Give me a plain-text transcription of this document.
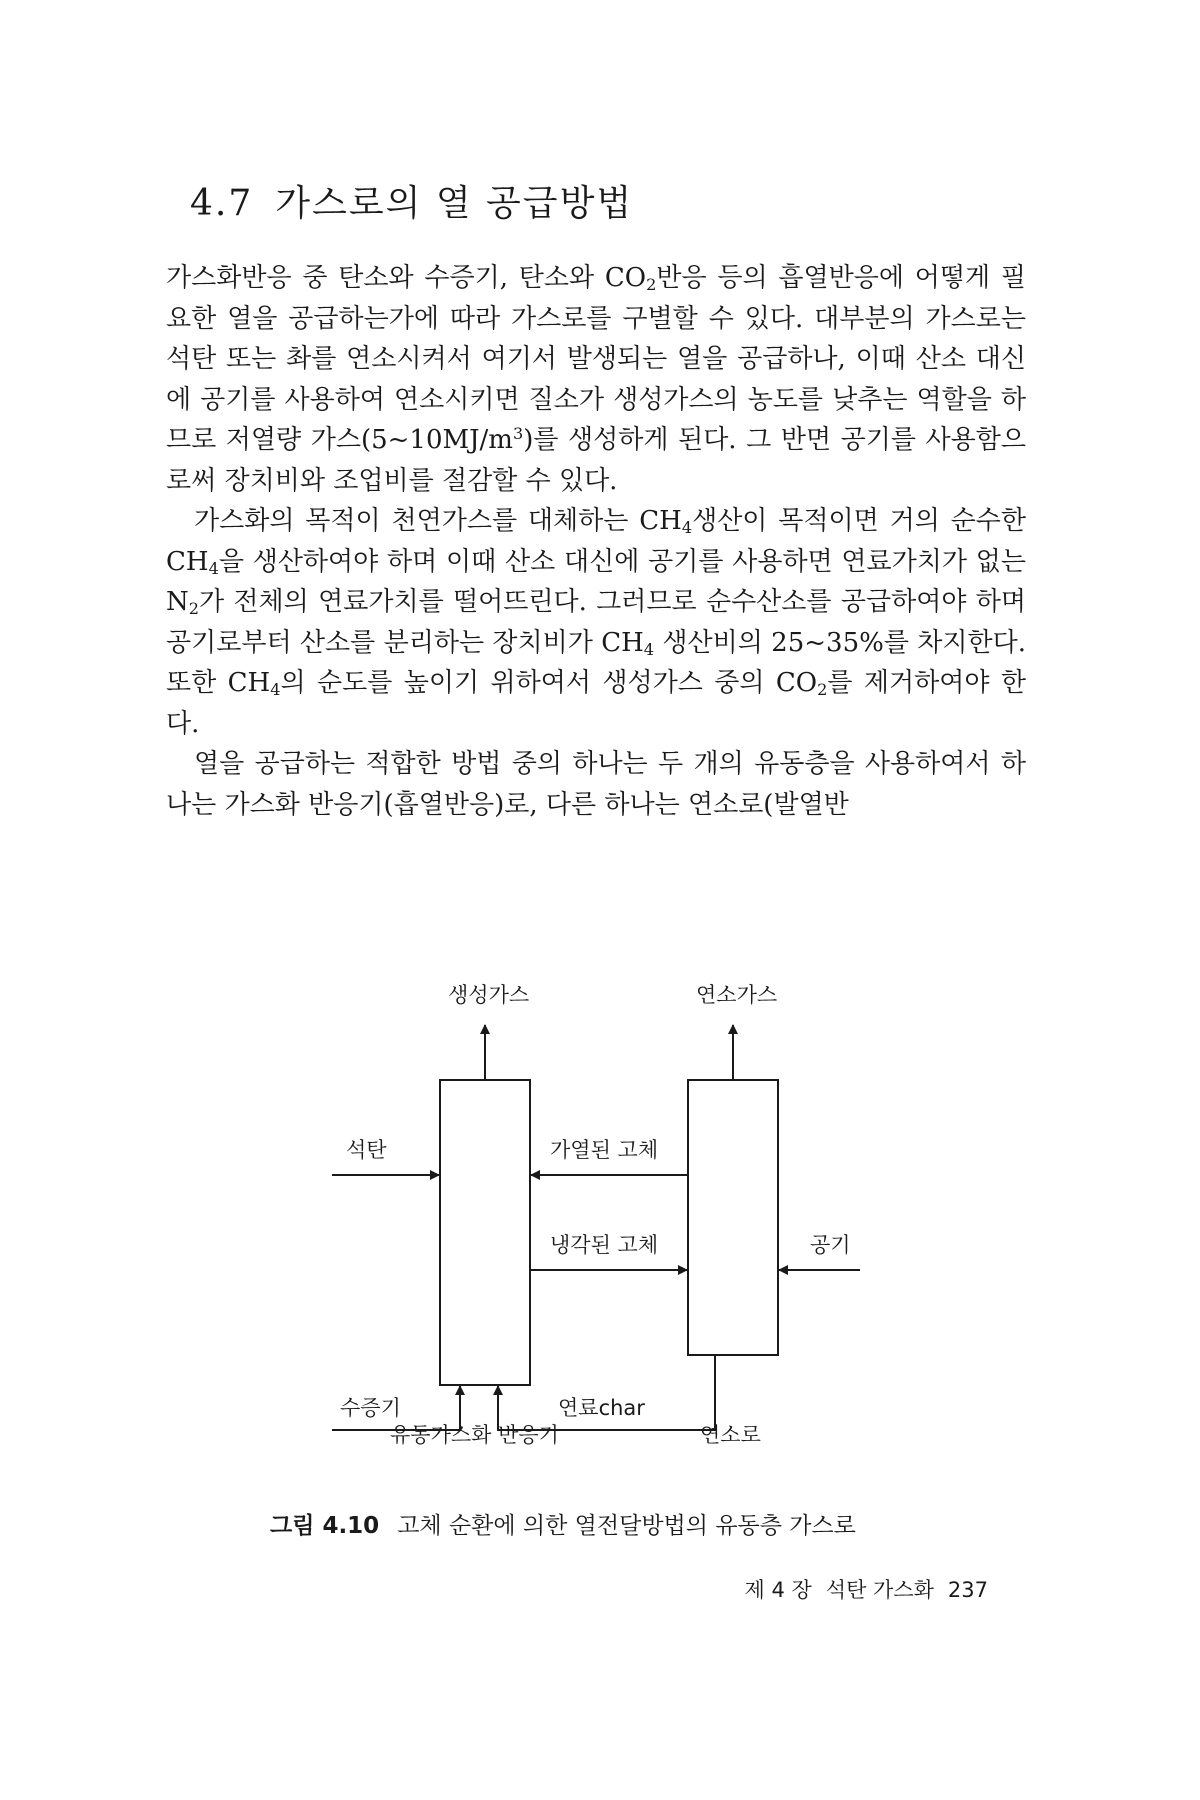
4.7 가스로의 열 공급방법

가스화반응 중 탄소와 수증기, 탄소와 $CO_2$반응 등의 흡열반응에 어떻게 필요한 열을 공급하는가에 따라 가스로를 구별할 수 있다. 대부분의 가스로는 석탄 또는 촤를 연소시켜서 여기서 발생되는 열을 공급하나, 이때 산소 대신에 공기를 사용하여 연소시키면 질소가 생성가스의 농도를 낮추는 역할을 하므로 저열량 가스$(5\sim 10MJ/m^3)$를 생성하게 된다. 그 반면 공기를 사용함으로써 장치비와 조업비를 절감할 수 있다.

가스화의 목적이 천연가스를 대체하는 $CH_4$생산이 목적이면 거의 순수한 $CH_4$을 생산하여야 하며 이때 산소 대신에 공기를 사용하면 연료가치가 없는 $N_2$가 전체의 연료가치를 떨어뜨린다. 그러므로 순수산소를 공급하여야 하며 공기로부터 산소를 분리하는 장치비가 $CH_4$ 생산비의 25~35%를 차지한다. 또한 $CH_4$의 순도를 높이기 위하여서 생성가스 중의 $CO_2$를 제거하여야 한다.

열을 공급하는 적합한 방법 중의 하나는 두 개의 유동층을 사용하여서 하나는 가스화 반응기(흡열반응)로, 다른 하나는 연소로(발열반

생성가스	연소가스
석탄	가열된 고체
냉각된 고체	공기
수증기	연료char
유동가스화 반응기	연소로
그림 4.10 고체 순환에 의한 열전달방법의 유동층 가스로
제 4 장 석탄 가스화 237
